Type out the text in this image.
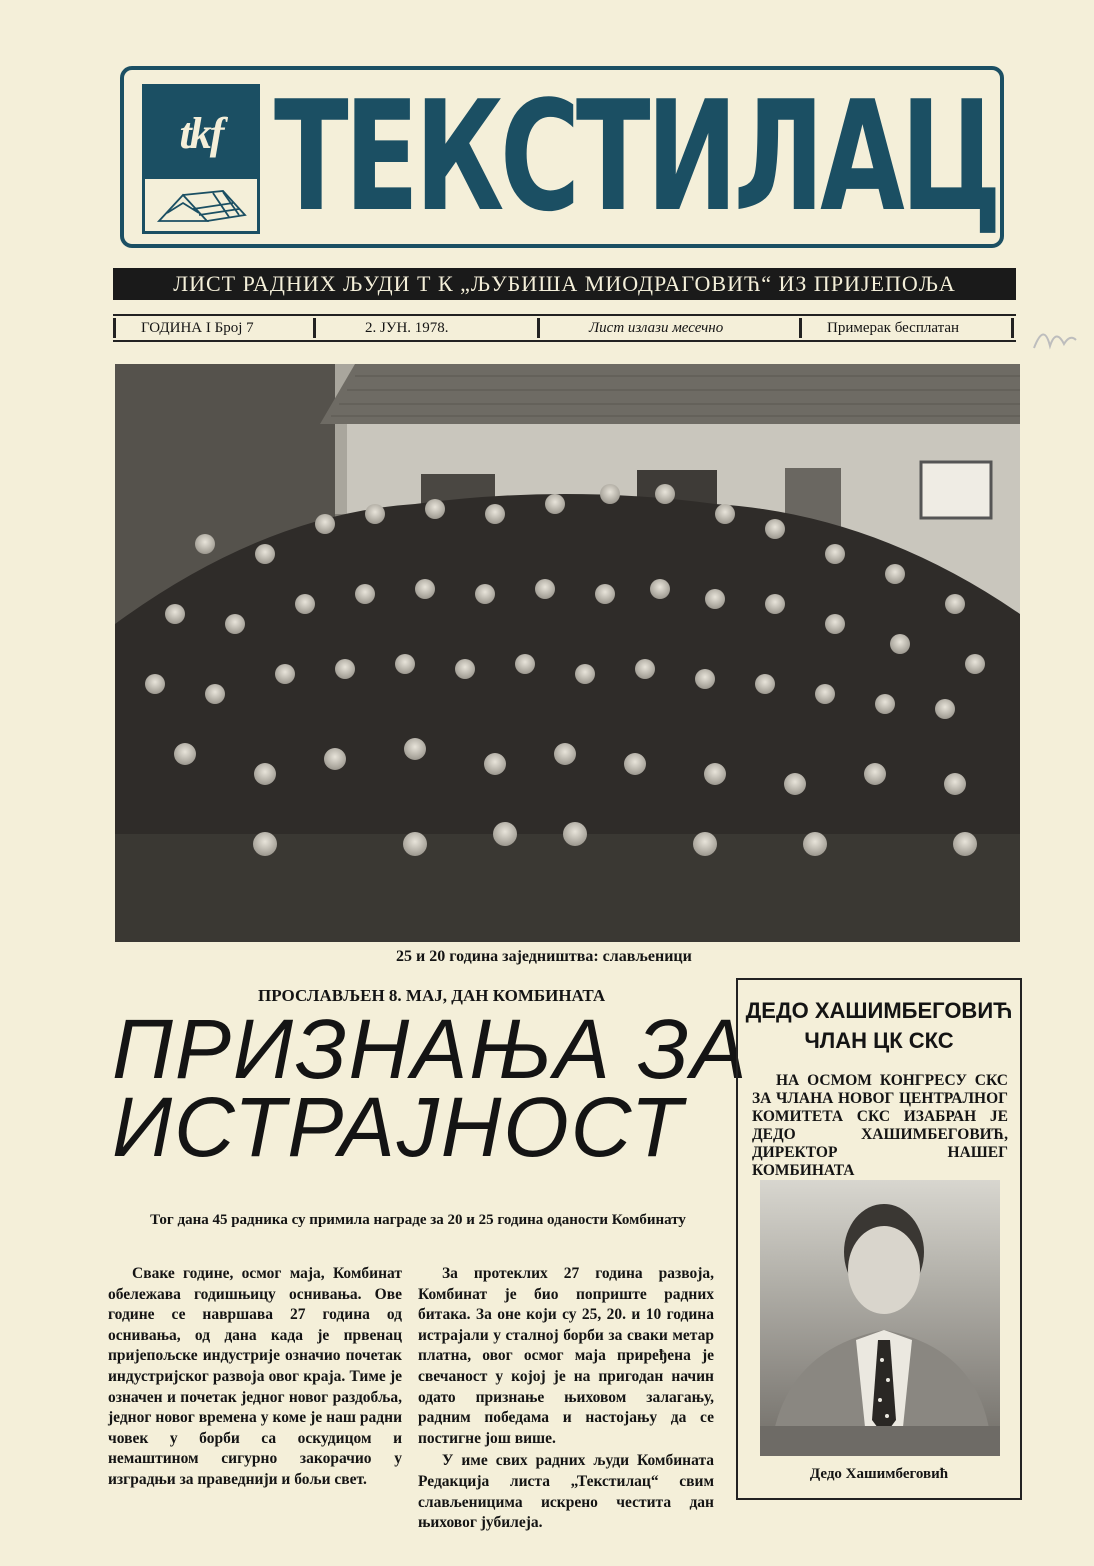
tkf ТЕКСТИЛАЦ
ЛИСТ РАДНИХ ЉУДИ Т К „ЉУБИША МИОДРАГОВИЋ“ ИЗ ПРИЈЕПОЉА
ГОДИНА I Број 7	2. ЈУН. 1978.	Лист излази месечно	Примерак бесплатан
25 и 20 година заједништва: слављеници
ПРОСЛАВЉЕН 8. МАЈ, ДАН КОМБИНАТА
ПРИЗНАЊА ЗА
ИСТРАЈНОСТ
Тог дана 45 радника су примила награде за 20 и 25 година оданости Комбинату

Сваке године, осмог маја, Комбинат обележава годишњицу оснивања. Ове године се навршава 27 година од оснивања, од дана када је првенац пријепољске индустрије означио почетак индустријског развоја овог краја. Тиме је означен и почетак једног новог раздобља, једног новог времена у коме је наш радни човек у борби са оскудицом и немаштином сигурно закорачио у изградњи за праведнији и бољи свет.

За протеклих 27 година развоја, Комбинат је био поприште радних битака. За оне који су 25, 20. и 10 година истрајали у сталној борби за сваки метар платна, овог осмог маја приређена је свечаност у којој је на пригодан начин одато признање њиховом залагању, радним победама и настојању да се постигне још више.

У име свих радних људи Комбината Редакција листа „Текстилац“ свим слављеницима искрено честита дан њиховог јубилеја.

ДЕДО ХАШИМБЕГОВИЋ
ЧЛАН ЦК СКС
НА ОСМОМ КОНГРЕСУ СКС ЗА ЧЛАНА НОВОГ ЦЕНТРАЛНОГ КОМИТЕТА СКС ИЗАБРАН ЈЕ ДЕДО ХАШИМБЕГОВИЋ, ДИРЕКТОР НАШЕГ КОМБИНАТА
Дедо Хашимбеговић
